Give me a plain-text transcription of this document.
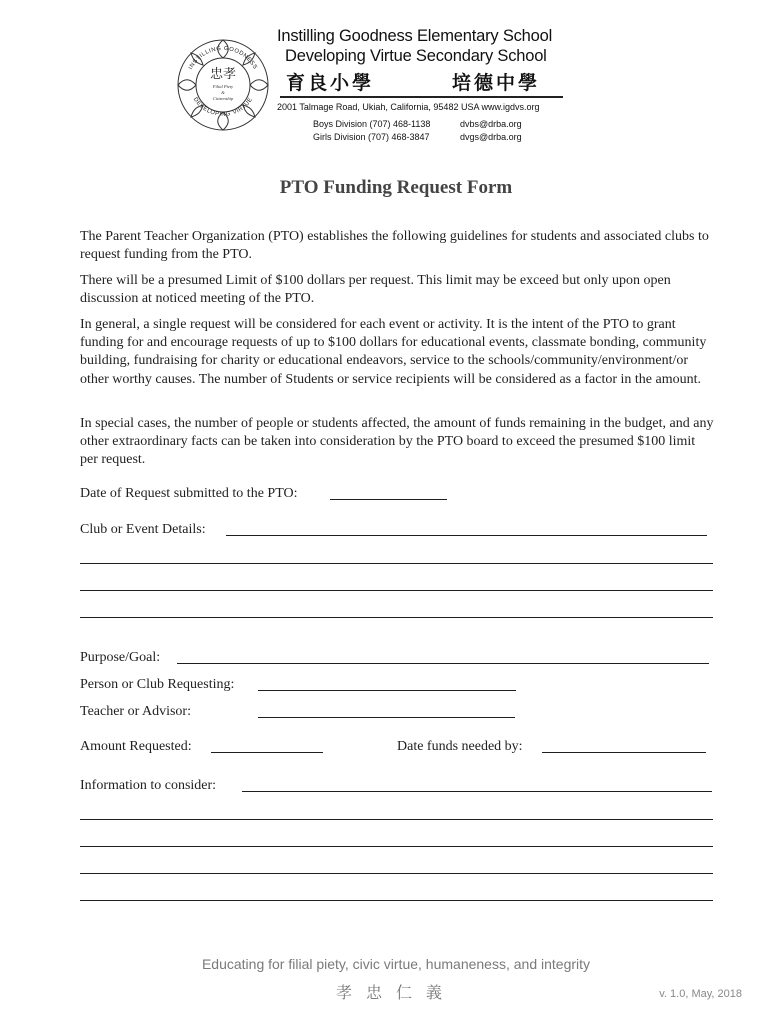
INSTILLING GOODNESS
DEVELOPING VIRTUE
忠孝
Filial Piety
&
Citizenship
Instilling Goodness Elementary School
Developing Virtue Secondary School
育良小學	培德中學
2001 Talmage Road, Ukiah, California, 95482 USA www.igdvs.org
Boys Division (707) 468-1138	dvbs@drba.org
Girls Division (707) 468-3847	dvgs@drba.org
PTO Funding Request Form
The Parent Teacher Organization (PTO) establishes the following guidelines for students and associated clubs to request funding from the PTO.
There will be a presumed Limit of $100 dollars per request. This limit may be exceed but only upon open discussion at noticed meeting of the PTO.
In general, a single request will be considered for each event or activity. It is the intent of the PTO to grant funding for and encourage requests of up to $100 dollars for educational events, classmate bonding, community building, fundraising for charity or educational endeavors, service to the schools/community/environment/or other worthy causes. The number of Students or service recipients will be considered as a factor in the amount.
In special cases, the number of people or students affected, the amount of funds remaining in the budget, and any other extraordinary facts can be taken into consideration by the PTO board to exceed the presumed $100 limit per request.
Date of Request submitted to the PTO:
Club or Event Details:
Purpose/Goal:
Person or Club Requesting:
Teacher or Advisor:
Amount Requested:	Date funds needed by:
Information to consider:
Educating for filial piety, civic virtue, humaneness, and integrity
孝忠仁義	v. 1.0, May, 2018
